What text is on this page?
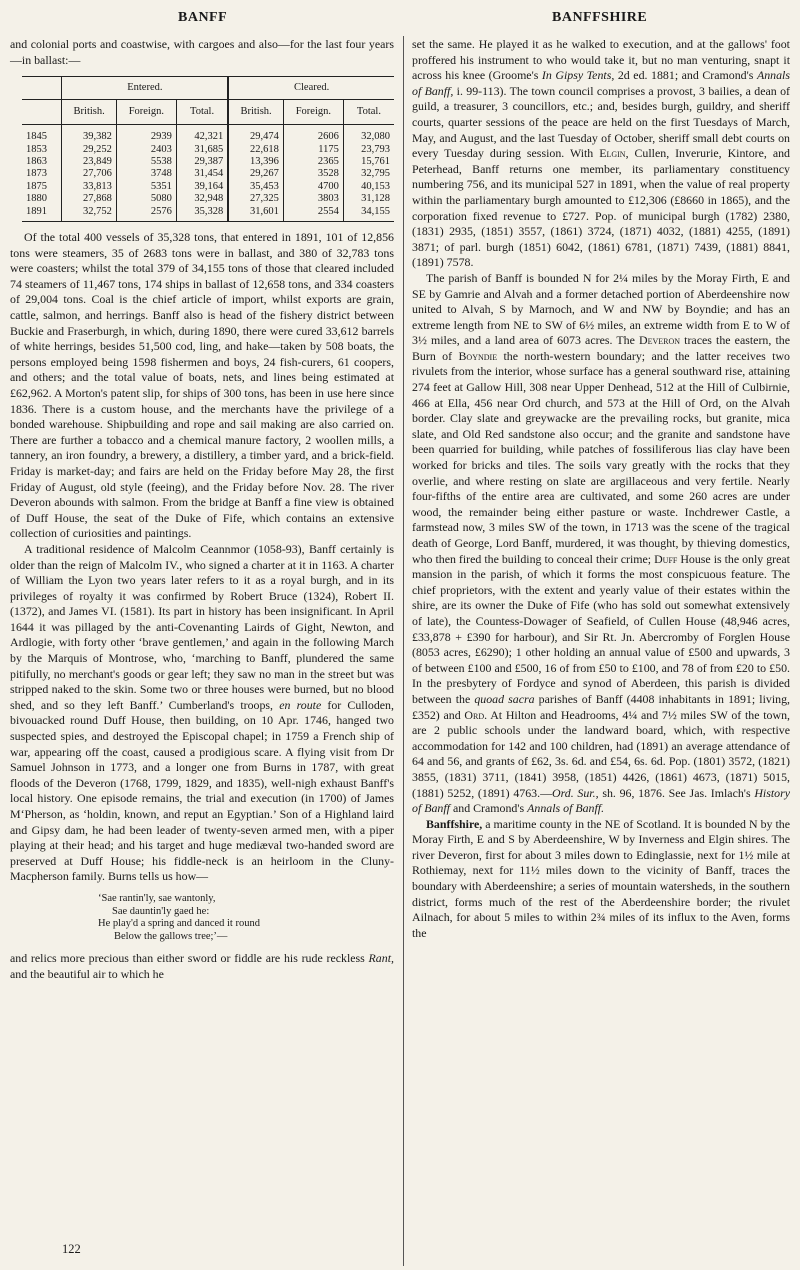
BANFF	BANFFSHIRE

and colonial ports and coastwise, with cargoes and also—for the last four years—in ballast:—

	Entered.			Cleared.		
	British.	Foreign.	Total.	British.	Foreign.	Total.
1845	39,382	2939	42,321	29,474	2606	32,080
1853	29,252	2403	31,685	22,618	1175	23,793
1863	23,849	5538	29,387	13,396	2365	15,761
1873	27,706	3748	31,454	29,267	3528	32,795
1875	33,813	5351	39,164	35,453	4700	40,153
1880	27,868	5080	32,948	27,325	3803	31,128
1891	32,752	2576	35,328	31,601	2554	34,155

Of the total 400 vessels of 35,328 tons, that entered in 1891, 101 of 12,856 tons were steamers, 35 of 2683 tons were in ballast, and 380 of 32,783 tons were coasters; whilst the total 379 of 34,155 tons of those that cleared included 74 steamers of 11,467 tons, 174 ships in ballast of 12,658 tons, and 334 coasters of 29,004 tons. Coal is the chief article of import, whilst exports are grain, cattle, salmon, and herrings. Banff also is head of the fishery district between Buckie and Fraserburgh, in which, during 1890, there were cured 33,612 barrels of white herrings, besides 51,500 cod, ling, and hake—taken by 508 boats, the persons employed being 1598 fishermen and boys, 24 fish-curers, 61 coopers, and others; and the total value of boats, nets, and lines being estimated at £62,962. A Morton's patent slip, for ships of 300 tons, has been in use here since 1836. There is a custom house, and the merchants have the privilege of a bonded warehouse. Shipbuilding and rope and sail making are also carried on. There are further a tobacco and a chemical manure factory, 2 woollen mills, a tannery, an iron foundry, a brewery, a distillery, a timber yard, and a brick-field. Friday is market-day; and fairs are held on the Friday before May 28, the first Friday of August, old style (feeing), and the Friday before Nov. 28. The river Deveron abounds with salmon. From the bridge at Banff a fine view is obtained of Duff House, the seat of the Duke of Fife, which contains an extensive collection of curiosities and paintings.

A traditional residence of Malcolm Ceannmor (1058-93), Banff certainly is older than the reign of Malcolm IV., who signed a charter at it in 1163. A charter of William the Lyon two years later refers to it as a royal burgh, and in its privileges of royalty it was confirmed by Robert Bruce (1324), Robert II. (1372), and James VI. (1581). Its part in history has been insignificant. In April 1644 it was pillaged by the anti-Covenanting Lairds of Gight, Newton, and Ardlogie, with forty other ‘brave gentlemen,’ and again in the following March by the Marquis of Montrose, who, ‘marching to Banff, plundered the same pitifully, no merchant's goods or gear left; they saw no man in the street but was stripped naked to the skin. Some two or three houses were burned, but no blood shed, and so they left Banff.’ Cumberland's troops, en route for Culloden, bivouacked round Duff House, then building, on 10 Apr. 1746, hanged two suspected spies, and destroyed the Episcopal chapel; in 1759 a French ship of war, appearing off the coast, caused a prodigious scare. A flying visit from Dr Samuel Johnson in 1773, and a longer one from Burns in 1787, with great floods of the Deveron (1768, 1799, 1829, and 1835), well-nigh exhaust Banff's local history. One episode remains, the trial and execution (in 1700) of James M‘Pherson, as ‘holdin, known, and reput an Egyptian.’ Son of a Highland laird and Gipsy dam, he had been leader of twenty-seven armed men, with a piper playing at their head; and his target and huge mediæval two-handed sword are preserved at Duff House; his fiddle-neck is an heirloom in the Cluny-Macpherson family. Burns tells us how—

‘Sae rantin'ly, sae wantonly,
Sae dauntin'ly gaed he:
He play'd a spring and danced it round
Below the gallows tree;’—

and relics more precious than either sword or fiddle are his rude reckless Rant, and the beautiful air to which he

122

set the same. He played it as he walked to execution, and at the gallows' foot proffered his instrument to who would take it, but no man venturing, snapt it across his knee (Groome's In Gipsy Tents, 2d ed. 1881; and Cramond's Annals of Banff, i. 99-113). The town council comprises a provost, 3 bailies, a dean of guild, a treasurer, 3 councillors, etc.; and, besides burgh, guildry, and sheriff courts, quarter sessions of the peace are held on the first Tuesdays of March, May, and August, and the last Tuesday of October, sheriff small debt courts on every Tuesday during session. With Elgin, Cullen, Inverurie, Kintore, and Peterhead, Banff returns one member, its parliamentary constituency numbering 756, and its municipal 527 in 1891, when the value of real property within the parliamentary burgh amounted to £12,306 (£8660 in 1865), and the corporation fixed revenue to £727. Pop. of municipal burgh (1782) 2380, (1831) 2935, (1851) 3557, (1861) 3724, (1871) 4032, (1881) 4255, (1891) 3871; of parl. burgh (1851) 6042, (1861) 6781, (1871) 7439, (1881) 8841, (1891) 7578.

The parish of Banff is bounded N for 2¼ miles by the Moray Firth, E and SE by Gamrie and Alvah and a former detached portion of Aberdeenshire now united to Alvah, S by Marnoch, and W and NW by Boyndie; and has an extreme length from NE to SW of 6½ miles, an extreme width from E to W of 3½ miles, and a land area of 6073 acres. The Deveron traces the eastern, the Burn of Boyndie the north-western boundary; and the latter receives two rivulets from the interior, whose surface has a general southward rise, attaining 274 feet at Gallow Hill, 308 near Upper Denhead, 512 at the Hill of Culbirnie, 466 at Ella, 456 near Ord church, and 573 at the Hill of Ord, on the Alvah border. Clay slate and greywacke are the prevailing rocks, but granite, mica slate, and Old Red sandstone also occur; and the granite and sandstone have been quarried for building, while patches of fossiliferous lias clay have been worked for bricks and tiles. The soils vary greatly with the rocks that they overlie, and where resting on slate are argillaceous and very fertile. Nearly four-fifths of the entire area are cultivated, and some 260 acres are under wood, the remainder being either pasture or waste. Inchdrewer Castle, a farmstead now, 3 miles SW of the town, in 1713 was the scene of the tragical death of George, Lord Banff, murdered, it was thought, by thieving domestics, who then fired the building to conceal their crime; Duff House is the only great mansion in the parish, of which it forms the most conspicuous feature. The chief proprietors, with the extent and yearly value of their estates within the shire, are its owner the Duke of Fife (who has sold out somewhat extensively of late), the Countess-Dowager of Seafield, of Cullen House (48,946 acres, £33,878 + £390 for harbour), and Sir Rt. Jn. Abercromby of Forglen House (8053 acres, £6290); 1 other holding an annual value of £500 and upwards, 3 of between £100 and £500, 16 of from £50 to £100, and 78 of from £20 to £50. In the presbytery of Fordyce and synod of Aberdeen, this parish is divided between the quoad sacra parishes of Banff (4408 inhabitants in 1891; living, £352) and Ord. At Hilton and Headrooms, 4¼ and 7½ miles SW of the town, are 2 public schools under the landward board, which, with respective accommodation for 142 and 100 children, had (1891) an average attendance of 64 and 56, and grants of £62, 3s. 6d. and £54, 6s. 6d. Pop. (1801) 3572, (1821) 3855, (1831) 3711, (1841) 3958, (1851) 4426, (1861) 4673, (1871) 5015, (1881) 5252, (1891) 4763.—Ord. Sur., sh. 96, 1876. See Jas. Imlach's History of Banff and Cramond's Annals of Banff.

Banffshire, a maritime county in the NE of Scotland. It is bounded N by the Moray Firth, E and S by Aberdeenshire, W by Inverness and Elgin shires. The river Deveron, first for about 3 miles down to Edinglassie, next for 1½ mile at Rothiemay, next for 11½ miles down to the vicinity of Banff, traces the boundary with Aberdeenshire; a series of mountain watersheds, in the southern district, forms much of the rest of the Aberdeenshire border; the rivulet Ailnach, for about 5 miles to within 2¾ miles of its influx to the Aven, forms the
